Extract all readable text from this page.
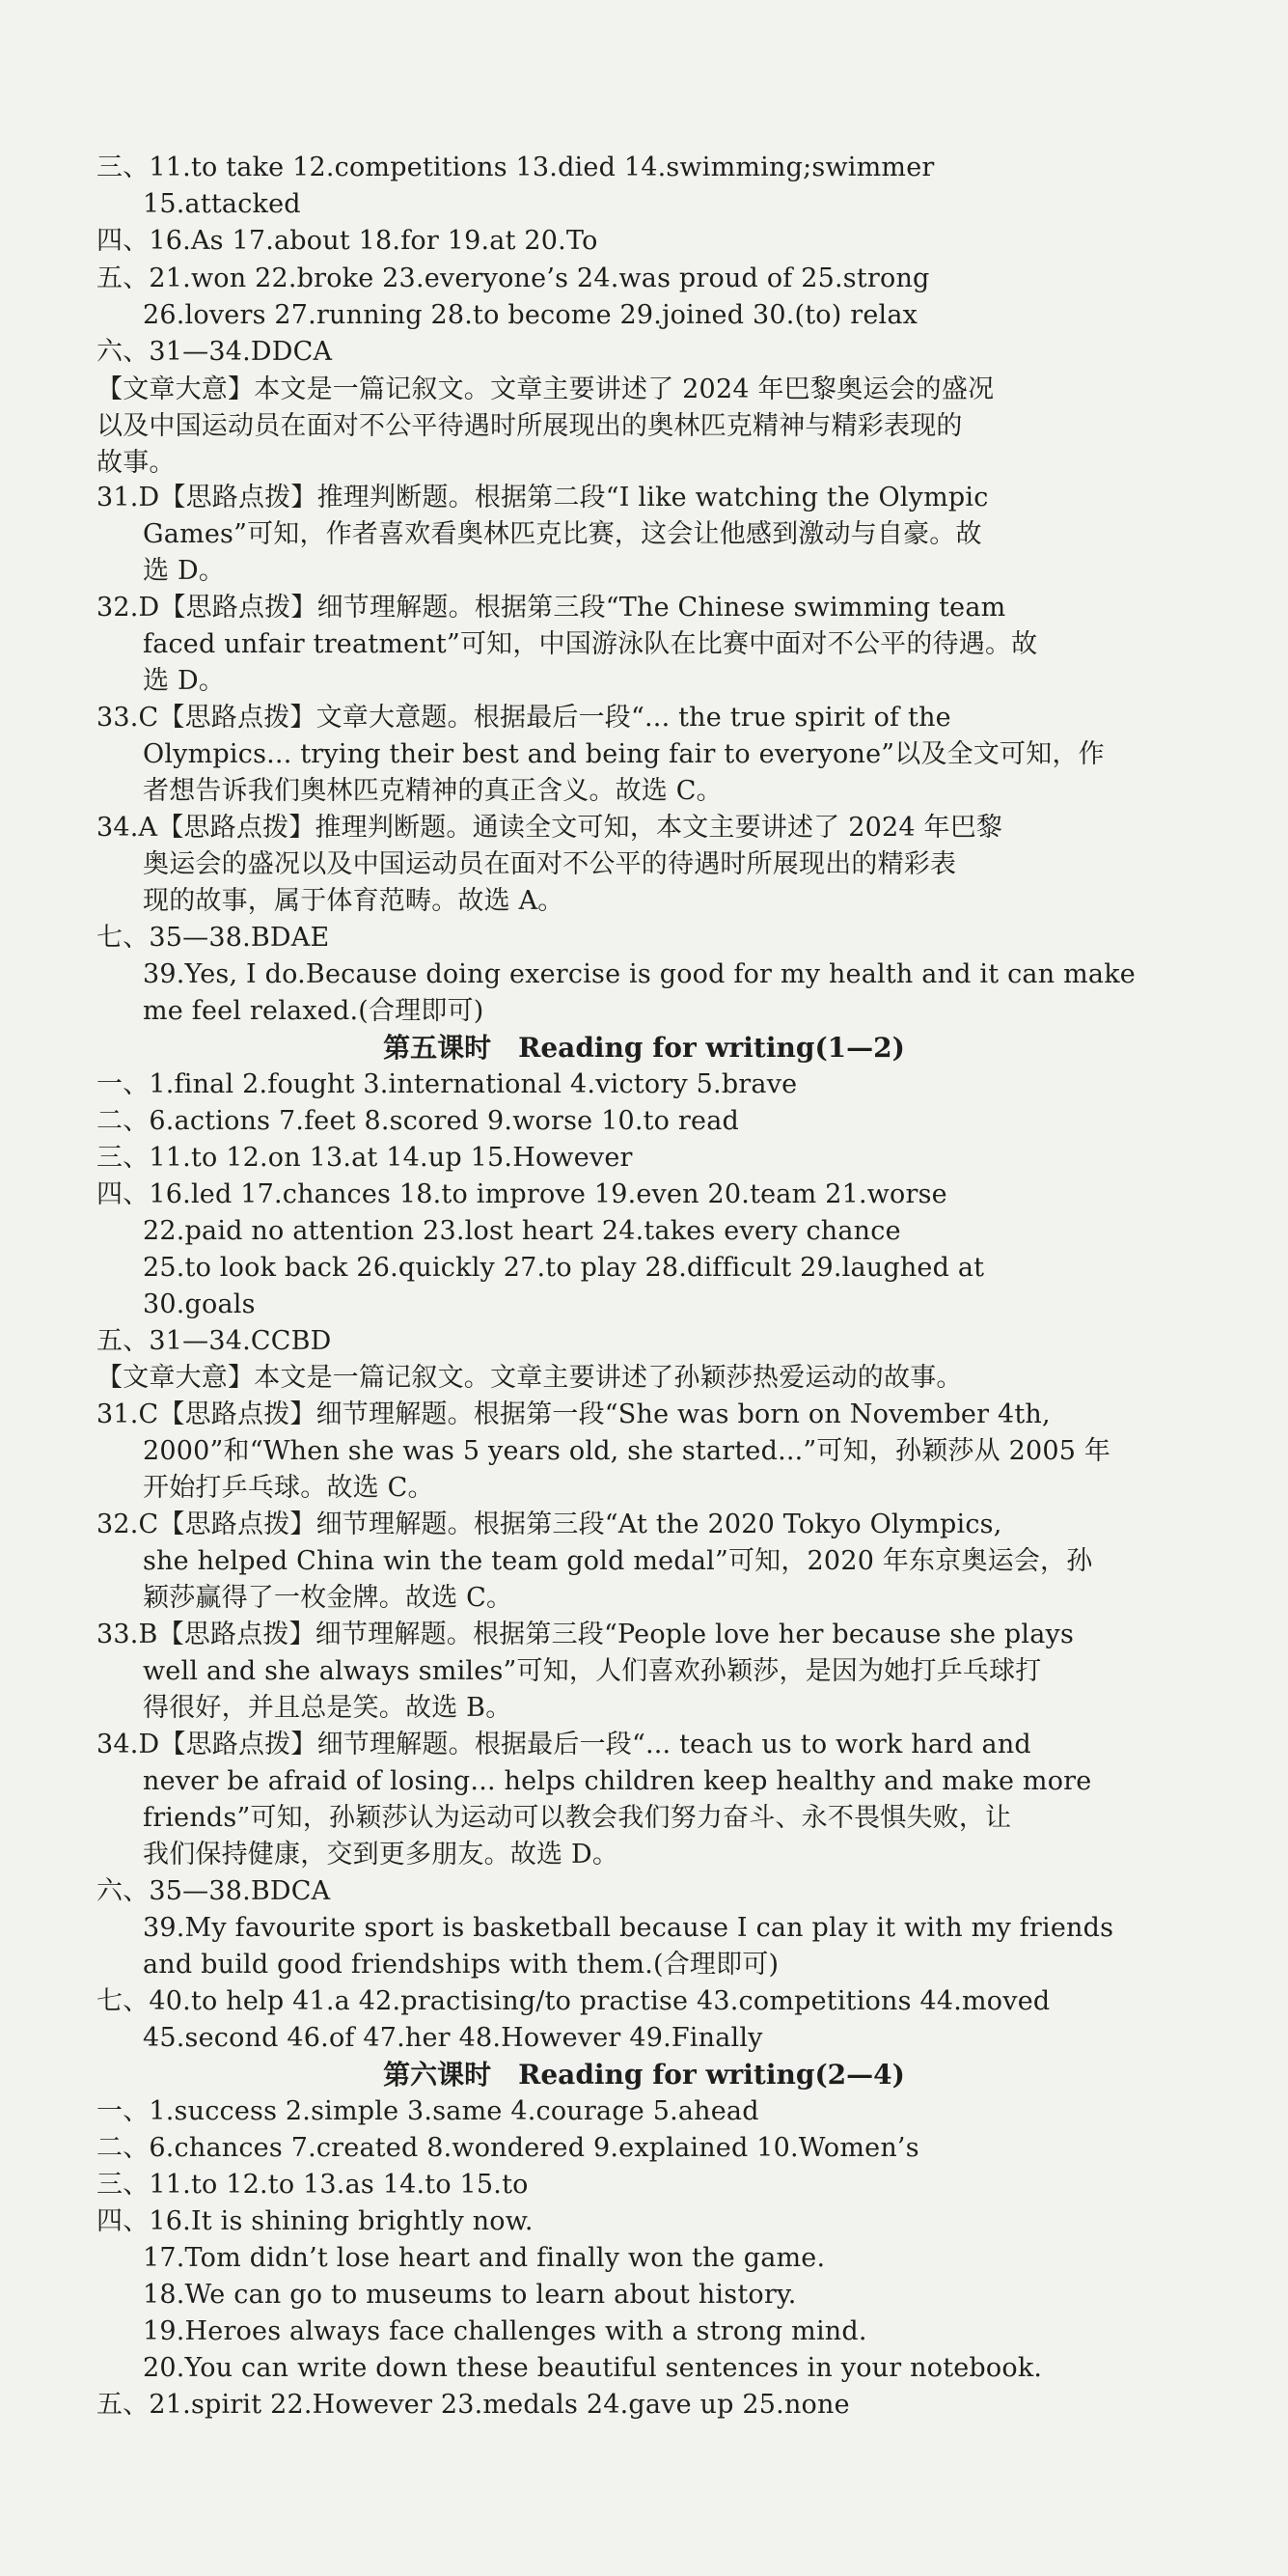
三、11.to take 12.competitions 13.died 14.swimming;swimmer
15.attacked
四、16.As 17.about 18.for 19.at 20.To
五、21.won 22.broke 23.everyone’s 24.was proud of 25.strong
26.lovers 27.running 28.to become 29.joined 30.(to) relax
六、31—34.DDCA
【文章大意】本文是一篇记叙文。文章主要讲述了 2024 年巴黎奥运会的盛况
以及中国运动员在面对不公平待遇时所展现出的奥林匹克精神与精彩表现的
故事。
31.D【思路点拨】推理判断题。根据第二段“I like watching the Olympic
Games”可知，作者喜欢看奥林匹克比赛，这会让他感到激动与自豪。故
选 D。
32.D【思路点拨】细节理解题。根据第三段“The Chinese swimming team
faced unfair treatment”可知，中国游泳队在比赛中面对不公平的待遇。故
选 D。
33.C【思路点拨】文章大意题。根据最后一段“... the true spirit of the
Olympics... trying their best and being fair to everyone”以及全文可知，作
者想告诉我们奥林匹克精神的真正含义。故选 C。
34.A【思路点拨】推理判断题。通读全文可知，本文主要讲述了 2024 年巴黎
奥运会的盛况以及中国运动员在面对不公平的待遇时所展现出的精彩表
现的故事，属于体育范畴。故选 A。
七、35—38.BDAE
39.Yes, I do.Because doing exercise is good for my health and it can make
me feel relaxed.(合理即可)
第五课时　Reading for writing(1—2)
一、1.final 2.fought 3.international 4.victory 5.brave
二、6.actions 7.feet 8.scored 9.worse 10.to read
三、11.to 12.on 13.at 14.up 15.However
四、16.led 17.chances 18.to improve 19.even 20.team 21.worse
22.paid no attention 23.lost heart 24.takes every chance
25.to look back 26.quickly 27.to play 28.difficult 29.laughed at
30.goals
五、31—34.CCBD
【文章大意】本文是一篇记叙文。文章主要讲述了孙颖莎热爱运动的故事。
31.C【思路点拨】细节理解题。根据第一段“She was born on November 4th,
2000”和“When she was 5 years old, she started...”可知，孙颖莎从 2005 年
开始打乒乓球。故选 C。
32.C【思路点拨】细节理解题。根据第三段“At the 2020 Tokyo Olympics,
she helped China win the team gold medal”可知，2020 年东京奥运会，孙
颖莎赢得了一枚金牌。故选 C。
33.B【思路点拨】细节理解题。根据第三段“People love her because she plays
well and she always smiles”可知，人们喜欢孙颖莎，是因为她打乒乓球打
得很好，并且总是笑。故选 B。
34.D【思路点拨】细节理解题。根据最后一段“... teach us to work hard and
never be afraid of losing... helps children keep healthy and make more
friends”可知，孙颖莎认为运动可以教会我们努力奋斗、永不畏惧失败，让
我们保持健康，交到更多朋友。故选 D。
六、35—38.BDCA
39.My favourite sport is basketball because I can play it with my friends
and build good friendships with them.(合理即可)
七、40.to help 41.a 42.practising/to practise 43.competitions 44.moved
45.second 46.of 47.her 48.However 49.Finally
第六课时　Reading for writing(2—4)
一、1.success 2.simple 3.same 4.courage 5.ahead
二、6.chances 7.created 8.wondered 9.explained 10.Women’s
三、11.to 12.to 13.as 14.to 15.to
四、16.It is shining brightly now.
17.Tom didn’t lose heart and finally won the game.
18.We can go to museums to learn about history.
19.Heroes always face challenges with a strong mind.
20.You can write down these beautiful sentences in your notebook.
五、21.spirit 22.However 23.medals 24.gave up 25.none
